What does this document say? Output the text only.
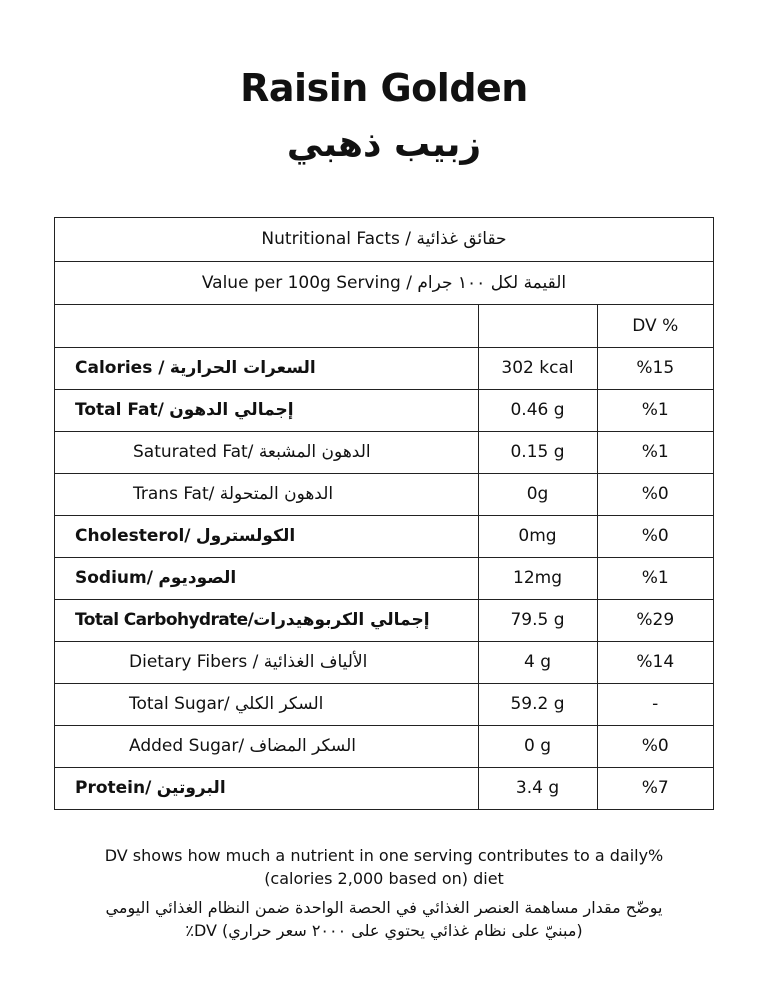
Raisin Golden
زبيب ذهبي
Nutritional Facts / حقائق غذائية
Value per 100g Serving / القيمة لكل ١٠٠ جرام
		DV %

Calories / السعرات الحرارية	302 kcal	%15

Total Fat/ إجمالي الدهون	0.46 g	%1

Saturated Fat/ الدهون المشبعة	0.15 g	%1

Trans Fat/ الدهون المتحولة	0g	%0

Cholesterol/ الكولسترول	0mg	%0

Sodium/ الصوديوم	12mg	%1

Total Carbohydrate/إجمالي الكربوهيدرات	79.5 g	%29

Dietary Fibers / الألياف الغذائية	4 g	%14

Total Sugar/ السكر الكلي	59.2 g	-

Added Sugar/ السكر المضاف	0 g	%0

Protein/ البروتين	3.4 g	%7
DV shows how much a nutrient in one serving contributes to a daily%
(calories 2,000 based on) diet
يوضّح مقدار مساهمة العنصر الغذائي في الحصة الواحدة ضمن النظام الغذائي اليومي
(مبنيّ على نظام غذائي يحتوي على ٢٠٠٠ سعر حراري) DV٪
